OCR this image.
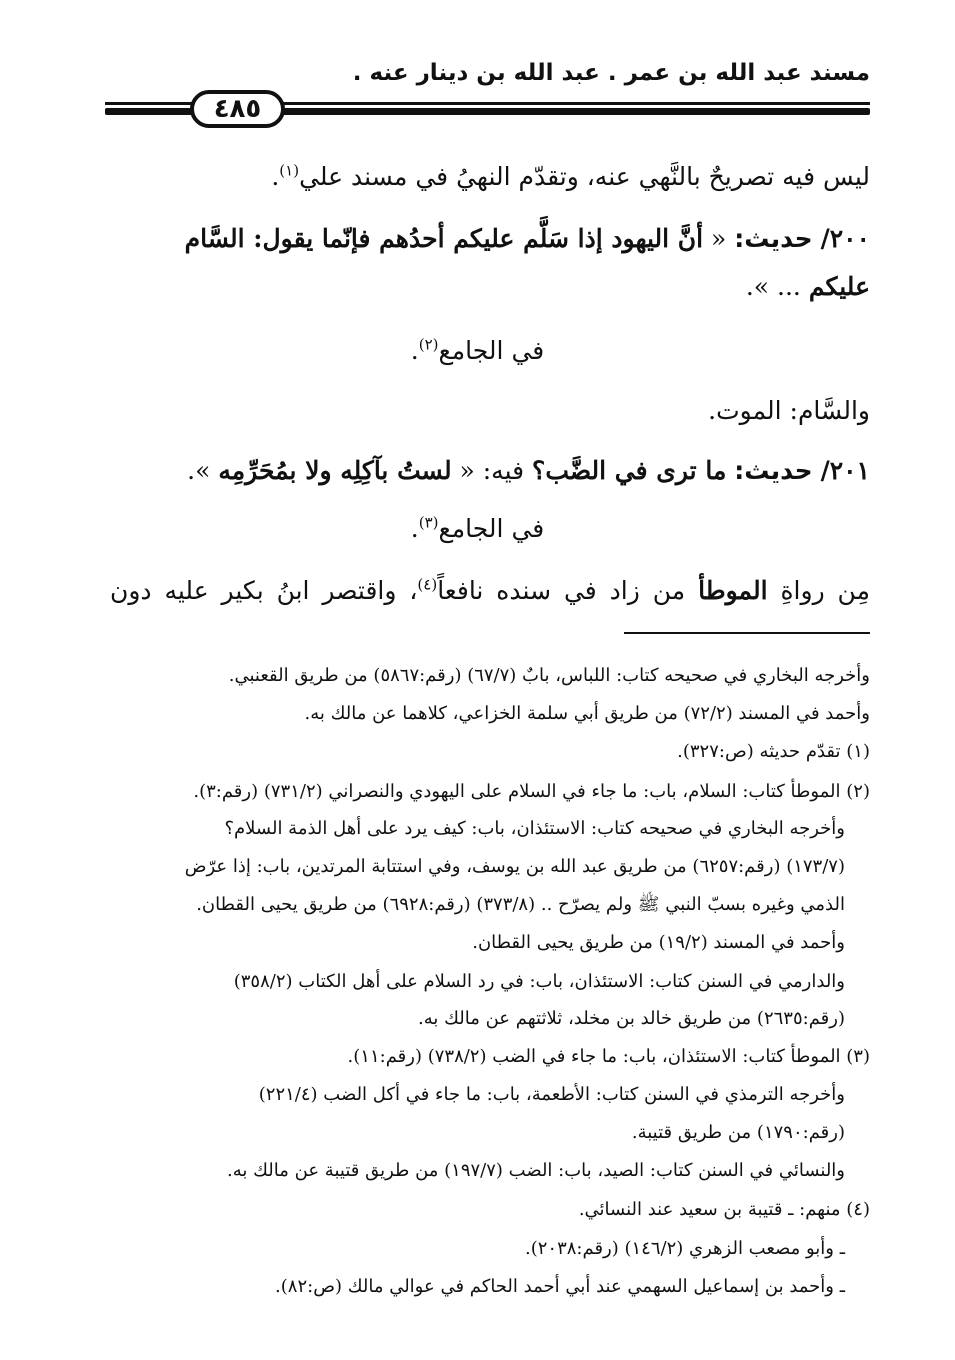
مسند عبد الله بن عمر . عبد الله بن دينار عنه .
٤٨٥
ليس فيه تصريحٌ بالنَّهي عنه، وتقدّم النهيُ في مسند علي$^{(١)}$.
٢٠٠/ حديث: « أنَّ اليهود إذا سَلَّم عليكم أحدُهم فإنّما يقول: السَّام
عليكم ... ».
في الجامع$^{(٢)}$.
والسَّام: الموت.
٢٠١/ حديث: ما ترى في الضَّب؟ فيه: « لستُ بآكِلِه ولا بمُحَرِّمِه ».
في الجامع$^{(٣)}$.
مِن رواةِ الموطأ من زاد في سنده نافعاً$^{(٤)}$، واقتصر ابنُ بكير عليه دون
وأخرجه البخاري في صحيحه كتاب: اللباس، بابٌ (٦٧/٧) (رقم:٥٨٦٧) من طريق القعنبي.
وأحمد في المسند (٧٢/٢) من طريق أبي سلمة الخزاعي، كلاهما عن مالك به.
(١) تقدّم حديثه (ص:٣٢٧).
(٢) الموطأ كتاب: السلام، باب: ما جاء في السلام على اليهودي والنصراني (٧٣١/٢) (رقم:٣).
وأخرجه البخاري في صحيحه كتاب: الاستئذان، باب: كيف يرد على أهل الذمة السلام؟
(١٧٣/٧) (رقم:٦٢٥٧) من طريق عبد الله بن يوسف، وفي استتابة المرتدين، باب: إذا عرّض
الذمي وغيره بسبّ النبي ﷺ ولم يصرّح .. (٣٧٣/٨) (رقم:٦٩٢٨) من طريق يحيى القطان.
وأحمد في المسند (١٩/٢) من طريق يحيى القطان.
والدارمي في السنن كتاب: الاستئذان، باب: في رد السلام على أهل الكتاب (٣٥٨/٢)
(رقم:٢٦٣٥) من طريق خالد بن مخلد، ثلاثتهم عن مالك به.
(٣) الموطأ كتاب: الاستئذان، باب: ما جاء في الضب (٧٣٨/٢) (رقم:١١).
وأخرجه الترمذي في السنن كتاب: الأطعمة، باب: ما جاء في أكل الضب (٢٢١/٤)
(رقم:١٧٩٠) من طريق قتيبة.
والنسائي في السنن كتاب: الصيد، باب: الضب (١٩٧/٧) من طريق قتيبة عن مالك به.
(٤) منهم: ـ قتيبة بن سعيد عند النسائي.
ـ وأبو مصعب الزهري (١٤٦/٢) (رقم:٢٠٣٨).
ـ وأحمد بن إسماعيل السهمي عند أبي أحمد الحاكم في عوالي مالك (ص:٨٢).
